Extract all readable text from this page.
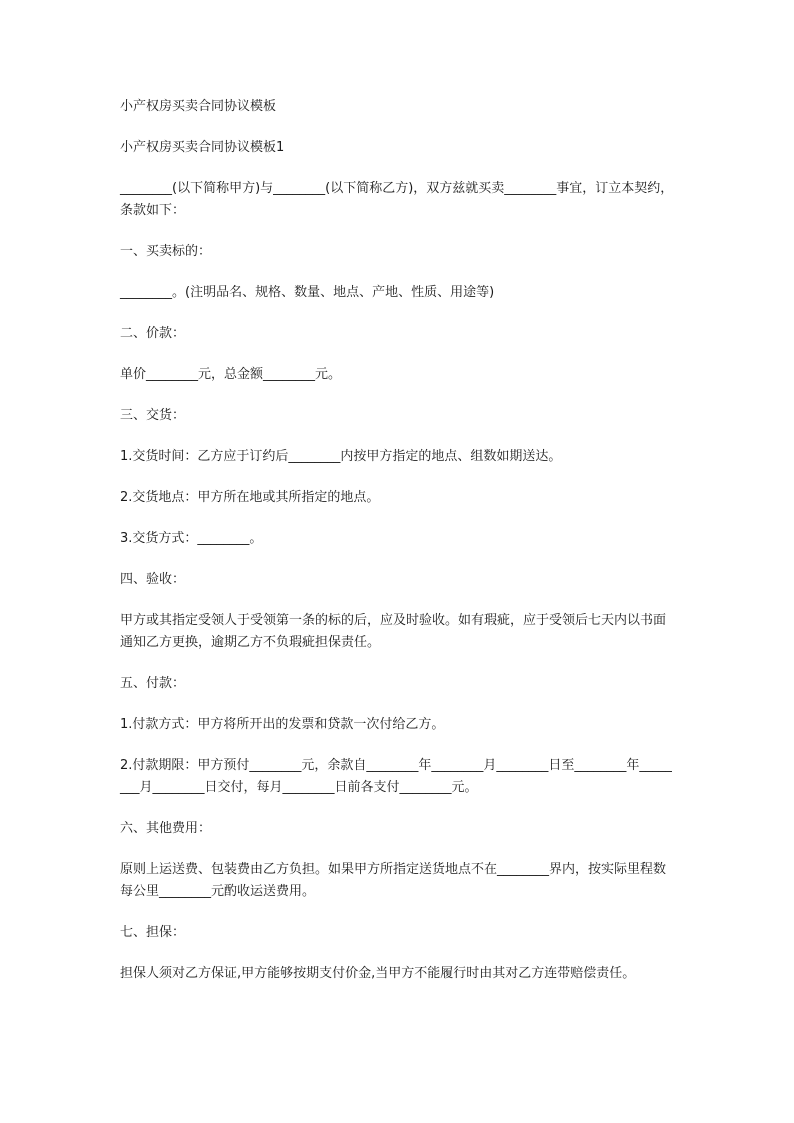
小产权房买卖合同协议模板

小产权房买卖合同协议模板1

________(以下简称甲方)与________(以下简称乙方)，双方兹就买卖________事宜，订立本契约，条款如下：

一、买卖标的：

________。(注明品名、规格、数量、地点、产地、性质、用途等)

二、价款：

单价________元，总金额________元。

三、交货：

1.交货时间：乙方应于订约后________内按甲方指定的地点、组数如期送达。

2.交货地点：甲方所在地或其所指定的地点。

3.交货方式：________。

四、验收：

甲方或其指定受领人于受领第一条的标的后，应及时验收。如有瑕疵，应于受领后七天内以书面通知乙方更换，逾期乙方不负瑕疵担保责任。

五、付款：

1.付款方式：甲方将所开出的发票和贷款一次付给乙方。

2.付款期限：甲方预付________元，余款自________年________月________日至________年________月________日交付，每月________日前各支付________元。

六、其他费用：

原则上运送费、包装费由乙方负担。如果甲方所指定送货地点不在________界内，按实际里程数每公里________元酌收运送费用。

七、担保：

担保人须对乙方保证,甲方能够按期支付价金,当甲方不能履行时由其对乙方连带赔偿责任。
